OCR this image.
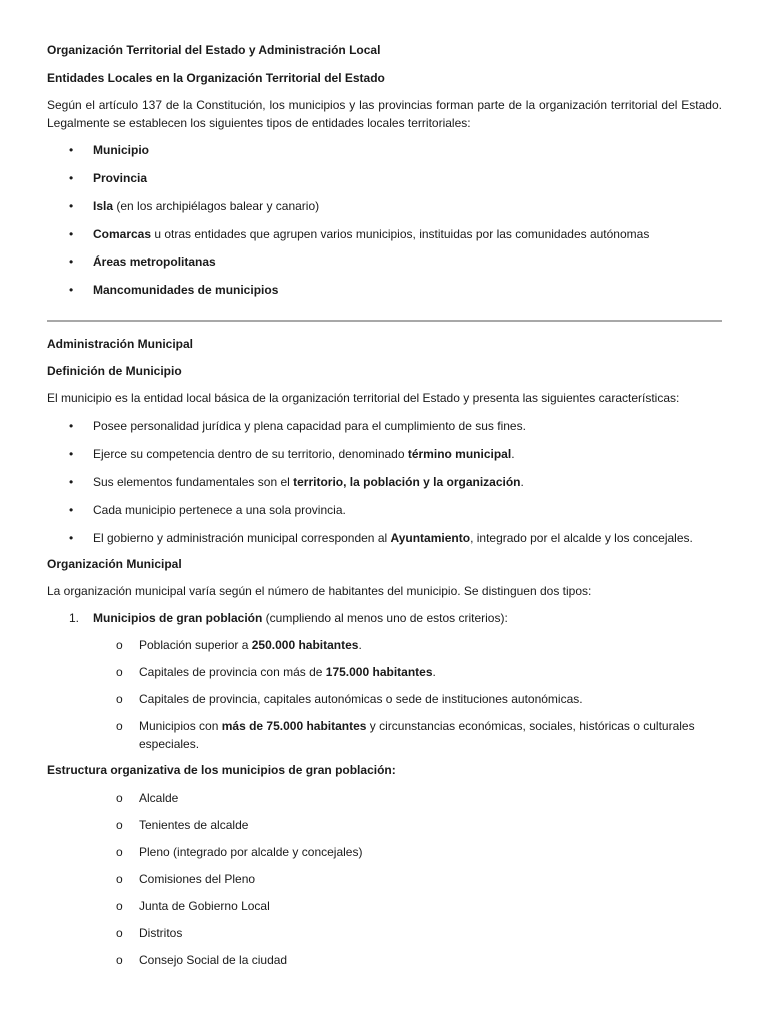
Organización Territorial del Estado y Administración Local

Entidades Locales en la Organización Territorial del Estado

Según el artículo 137 de la Constitución, los municipios y las provincias forman parte de la organización territorial del Estado. Legalmente se establecen los siguientes tipos de entidades locales territoriales:

• Municipio
• Provincia
• Isla (en los archipiélagos balear y canario)
• Comarcas u otras entidades que agrupen varios municipios, instituidas por las comunidades autónomas
• Áreas metropolitanas
• Mancomunidades de municipios

Administración Municipal

Definición de Municipio

El municipio es la entidad local básica de la organización territorial del Estado y presenta las siguientes características:

• Posee personalidad jurídica y plena capacidad para el cumplimiento de sus fines.
• Ejerce su competencia dentro de su territorio, denominado término municipal.
• Sus elementos fundamentales son el territorio, la población y la organización.
• Cada municipio pertenece a una sola provincia.
• El gobierno y administración municipal corresponden al Ayuntamiento, integrado por el alcalde y los concejales.

Organización Municipal

La organización municipal varía según el número de habitantes del municipio. Se distinguen dos tipos:

1. Municipios de gran población (cumpliendo al menos uno de estos criterios):
o Población superior a 250.000 habitantes.
o Capitales de provincia con más de 175.000 habitantes.
o Capitales de provincia, capitales autonómicas o sede de instituciones autonómicas.
o Municipios con más de 75.000 habitantes y circunstancias económicas, sociales, históricas o culturales especiales.

Estructura organizativa de los municipios de gran población:

o Alcalde
o Tenientes de alcalde
o Pleno (integrado por alcalde y concejales)
o Comisiones del Pleno
o Junta de Gobierno Local
o Distritos
o Consejo Social de la ciudad
